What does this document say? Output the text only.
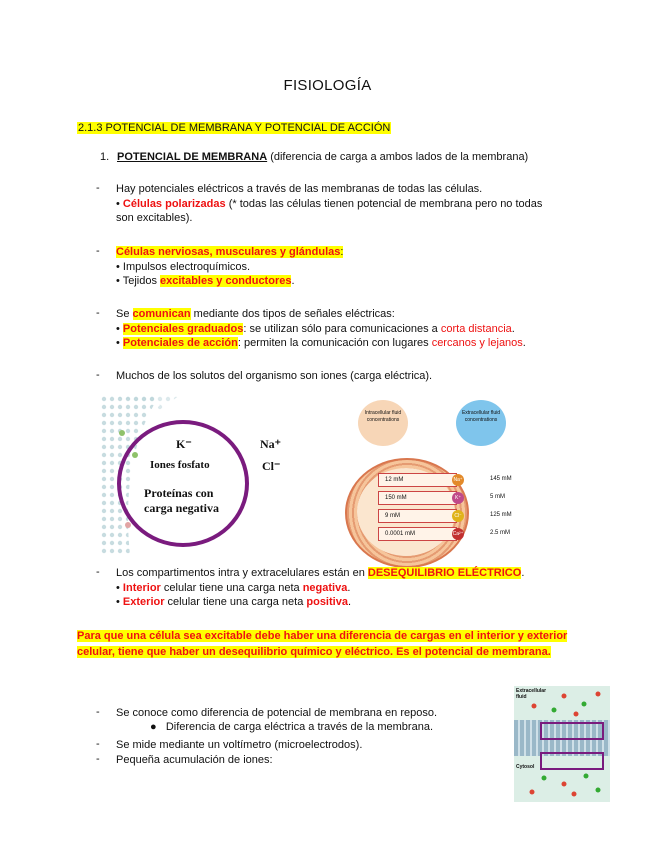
FISIOLOGÍA
2.1.3 POTENCIAL DE MEMBRANA Y POTENCIAL DE ACCIÓN
1. POTENCIAL DE MEMBRANA (diferencia de carga a ambos lados de la membrana)
- Hay potenciales eléctricos a través de las membranas de todas las células.
• Células polarizadas (* todas las células tienen potencial de membrana pero no todas
son excitables).
- Células nerviosas, musculares y glándulas:
• Impulsos electroquímicos.
• Tejidos excitables y conductores.
- Se comunican mediante dos tipos de señales eléctricas:
• Potenciales graduados: se utilizan sólo para comunicaciones a corta distancia.
• Potenciales de acción: permiten la comunicación con lugares cercanos y lejanos.
- Muchos de los solutos del organismo son iones (carga eléctrica).
K⁻
Iones fosfato
Proteínas con
carga negativa
Na⁺
Cl⁻
Intracellular fluid concentrations
Extracellular fluid concentrations
12 mM
150 mM
9 mM
0.0001 mM
Na⁺
K⁺
Cl⁻
Ca²⁺
145 mM
5 mM
125 mM
2.5 mM
- Los compartimentos intra y extracelulares están en DESEQUILIBRIO ELÉCTRICO.
• Interior celular tiene una carga neta negativa.
• Exterior celular tiene una carga neta positiva.
Para que una célula sea excitable debe haber una diferencia de cargas en el interior y exterior celular, tiene que haber un desequilibrio químico y eléctrico. Es el potencial de membrana.
- Se conoce como diferencia de potencial de membrana en reposo.
●   Diferencia de carga eléctrica a través de la membrana.
- Se mide mediante un voltímetro (microelectrodos).
- Pequeña acumulación de iones:
Extracellular fluid
Cytosol
